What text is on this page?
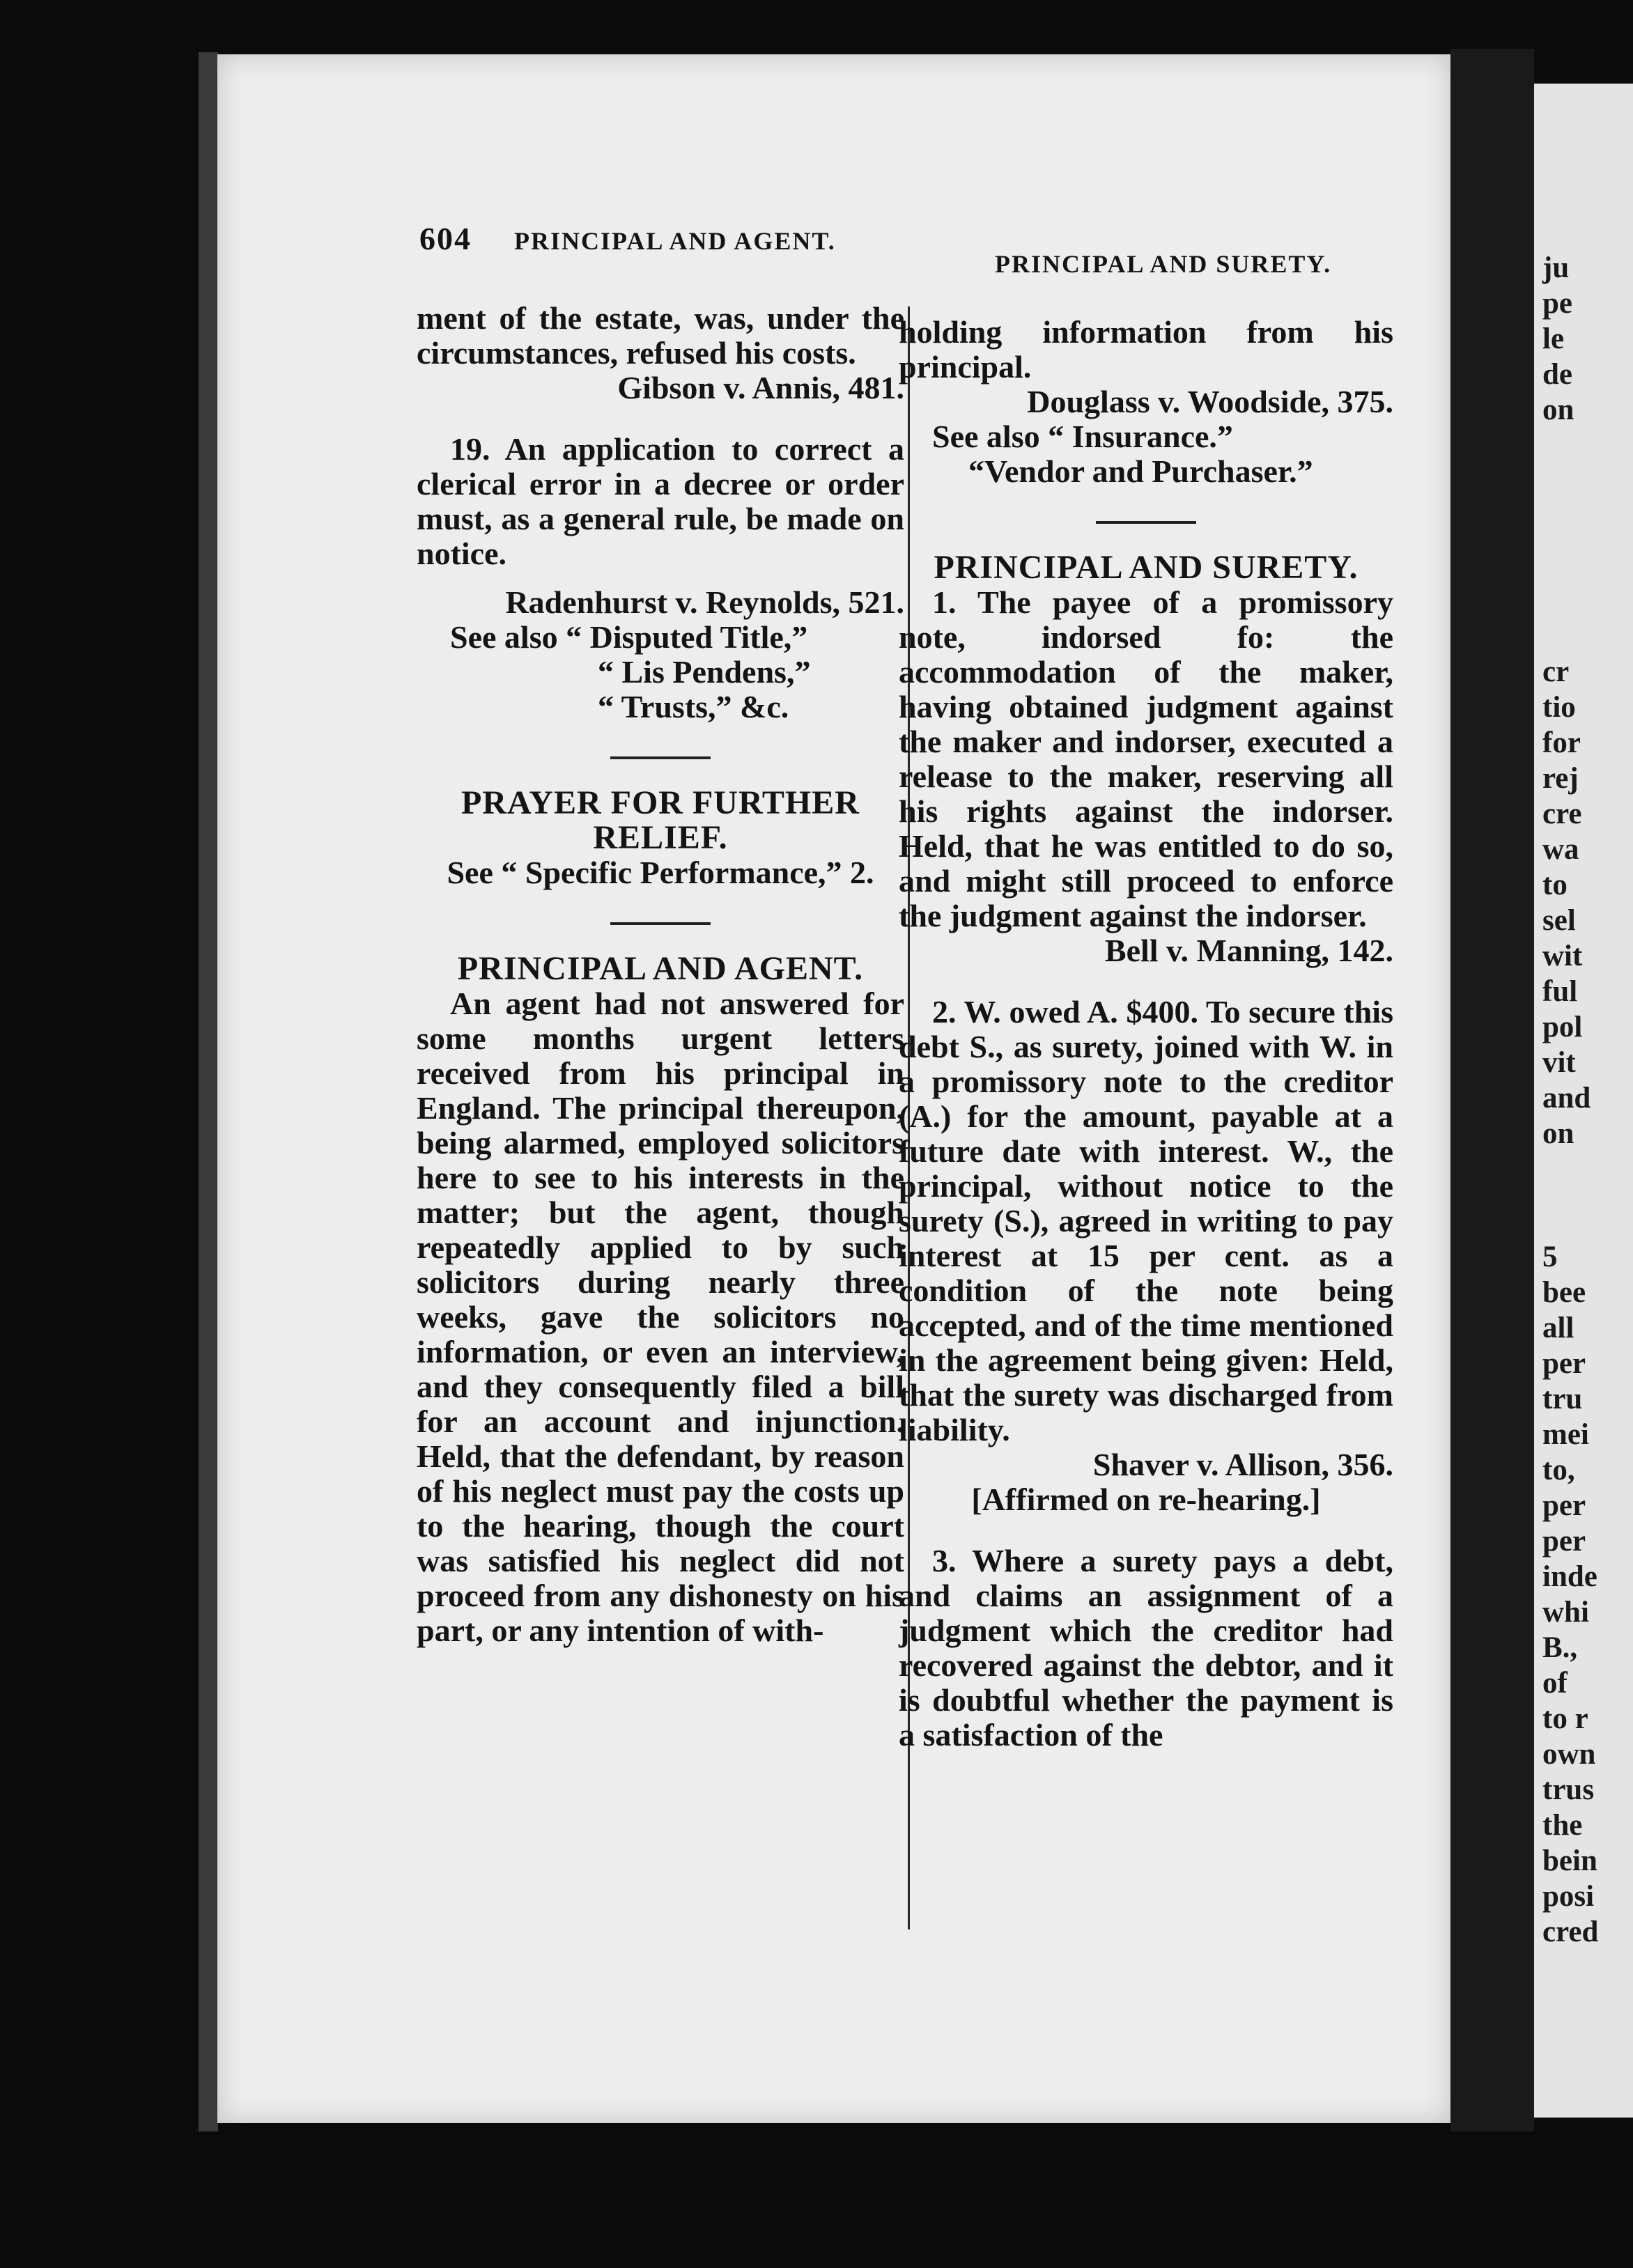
ju
pe
le
de
on
cr
tio
for
rej
cre
wa
to
sel
wit
ful
pol
vit
and
on
5
bee
all
per
tru
mei
to,
per
per
inde
whi
B.,
of
to r
own
trus
the
bein
posi
cred
604 PRINCIPAL AND AGENT.
PRINCIPAL AND SURETY.

ment of the estate, was, under the circumstances, refused his costs.

Gibson v. Annis, 481.

19. An application to correct a clerical error in a decree or order must, as a general rule, be made on notice.

Radenhurst v. Reynolds, 521.

See also “ Disputed Title,”

“ Lis Pendens,”

“ Trusts,” &c.

PRAYER FOR FURTHER RELIEF.

See “ Specific Performance,” 2.

PRINCIPAL AND AGENT.

An agent had not answered for some months urgent letters received from his principal in England. The principal thereupon, being alarmed, employed solicitors here to see to his interests in the matter; but the agent, though repeatedly applied to by such solicitors during nearly three weeks, gave the solicitors no information, or even an interview, and they consequently filed a bill for an account and injunction. Held, that the defendant, by reason of his neglect must pay the costs up to the hearing, though the court was satisfied his neglect did not proceed from any dishonesty on his part, or any intention of with-

holding information from his principal.

Douglass v. Woodside, 375.

See also “ Insurance.”

“Vendor and Purchaser.”

PRINCIPAL AND SURETY.

1. The payee of a promissory note, indorsed fo: the accommodation of the maker, having obtained judgment against the maker and indorser, executed a release to the maker, reserving all his rights against the indorser. Held, that he was entitled to do so, and might still proceed to enforce the judgment against the indorser.

Bell v. Manning, 142.

2. W. owed A. $400. To secure this debt S., as surety, joined with W. in a promissory note to the creditor (A.) for the amount, payable at a future date with interest. W., the principal, without notice to the surety (S.), agreed in writing to pay interest at 15 per cent. as a condition of the note being accepted, and of the time mentioned in the agreement being given: Held, that the surety was discharged from liability.

Shaver v. Allison, 356.

[Affirmed on re-hearing.]

3. Where a surety pays a debt, and claims an assignment of a judgment which the creditor had recovered against the debtor, and it is doubtful whether the payment is a satisfaction of the
